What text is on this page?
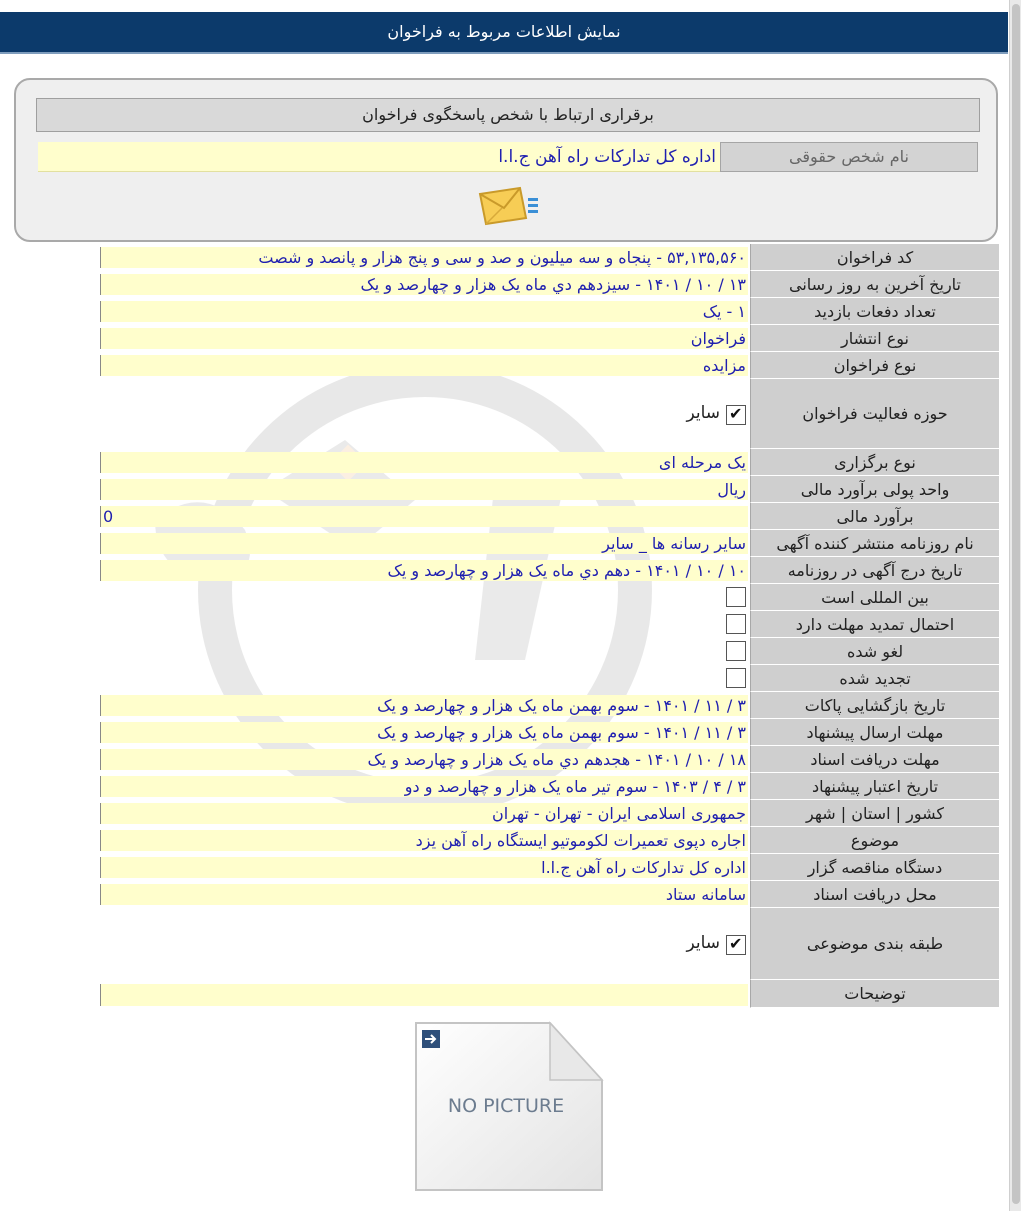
نمایش اطلاعات مربوط به فراخوان
برقراری ارتباط با شخص پاسخگوی فراخوان
نام شخص حقوقی
اداره کل تدارکات راه آهن ج.ا.ا
کد فراخوان
۵۳,۱۳۵,۵۶۰ - پنجاه و سه میلیون و صد و سی و پنج هزار و پانصد و شصت
تاریخ آخرین به روز رسانی
۱۳ / ۱۰ / ۱۴۰۱ - سیزدهم دي ماه یک هزار و چهارصد و یک
تعداد دفعات بازدید
۱ - یک
نوع انتشار
فراخوان
نوع فراخوان
مزایده
حوزه فعالیت فراخوان
✔
سایر
نوع برگزاری
یک مرحله ای
واحد پولی برآورد مالی
ریال
برآورد مالی
0
نام روزنامه منتشر کننده آگهی
سایر رسانه ها _ سایر
تاریخ درج آگهی در روزنامه
۱۰ / ۱۰ / ۱۴۰۱ - دهم دي ماه یک هزار و چهارصد و یک
بین المللی است
احتمال تمدید مهلت دارد
لغو شده
تجدید شده
تاریخ بازگشایی پاکات
۳ / ۱۱ / ۱۴۰۱ - سوم بهمن ماه یک هزار و چهارصد و یک
مهلت ارسال پیشنهاد
۳ / ۱۱ / ۱۴۰۱ - سوم بهمن ماه یک هزار و چهارصد و یک
مهلت دریافت اسناد
۱۸ / ۱۰ / ۱۴۰۱ - هجدهم دي ماه یک هزار و چهارصد و یک
تاریخ اعتبار پیشنهاد
۳ / ۴ / ۱۴۰۳ - سوم تیر ماه یک هزار و چهارصد و دو
کشور | استان | شهر
جمهوری اسلامی ایران - تهران - تهران
موضوع
اجاره دپوی تعمیرات لکوموتیو ایستگاه راه آهن یزد
دستگاه مناقصه گزار
اداره کل تدارکات راه آهن ج.ا.ا
محل دریافت اسناد
سامانه ستاد
طبقه بندی موضوعی
✔
سایر
توضیحات
NO PICTURE
